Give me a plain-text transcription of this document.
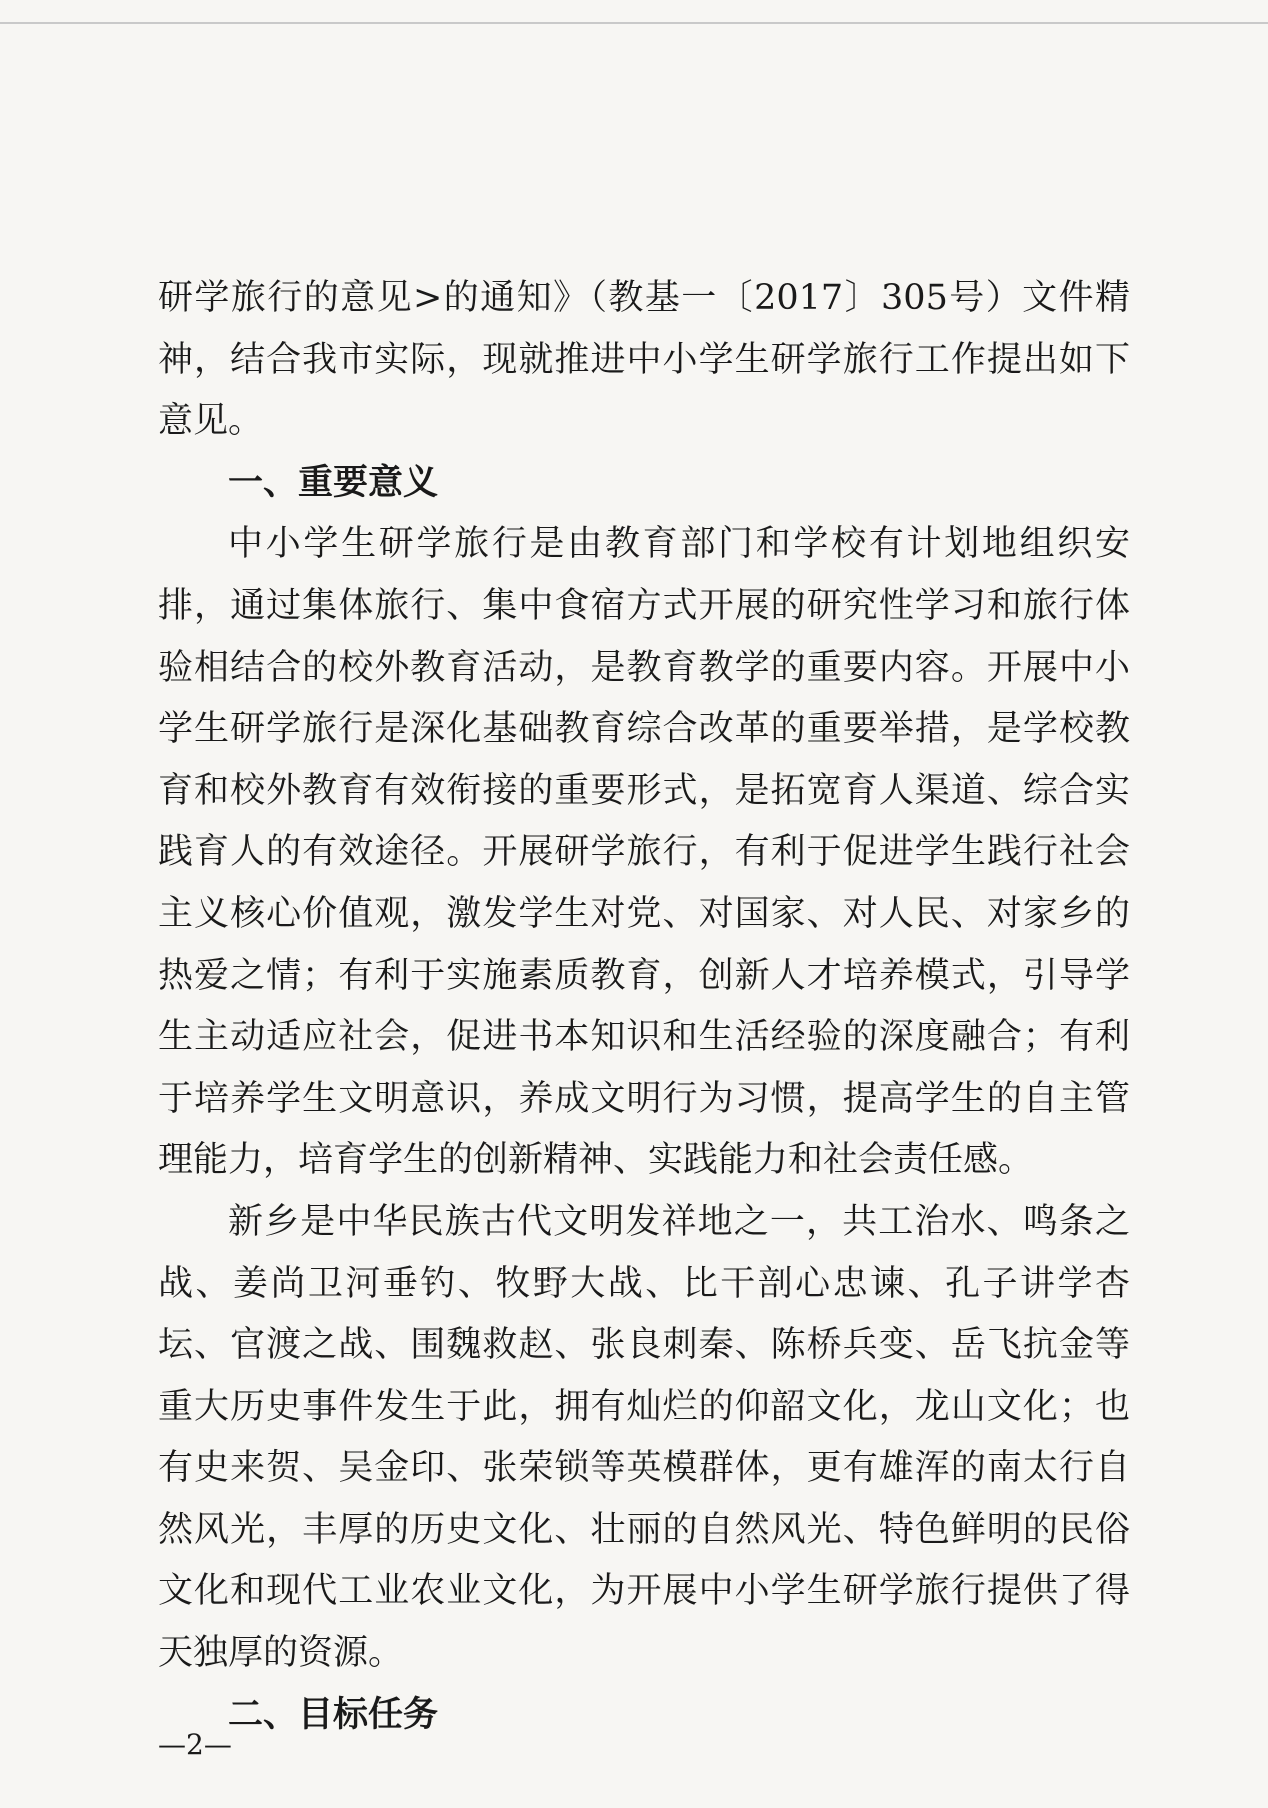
研学旅行的意见>的通知》（教基一〔2017〕305号）文件精神，结合我市实际，现就推进中小学生研学旅行工作提出如下意见。

一、重要意义

中小学生研学旅行是由教育部门和学校有计划地组织安排，通过集体旅行、集中食宿方式开展的研究性学习和旅行体验相结合的校外教育活动，是教育教学的重要内容。开展中小学生研学旅行是深化基础教育综合改革的重要举措，是学校教育和校外教育有效衔接的重要形式，是拓宽育人渠道、综合实践育人的有效途径。开展研学旅行，有利于促进学生践行社会主义核心价值观，激发学生对党、对国家、对人民、对家乡的热爱之情；有利于实施素质教育，创新人才培养模式，引导学生主动适应社会，促进书本知识和生活经验的深度融合；有利于培养学生文明意识，养成文明行为习惯，提高学生的自主管理能力，培育学生的创新精神、实践能力和社会责任感。

新乡是中华民族古代文明发祥地之一，共工治水、鸣条之战、姜尚卫河垂钓、牧野大战、比干剖心忠谏、孔子讲学杏坛、官渡之战、围魏救赵、张良刺秦、陈桥兵变、岳飞抗金等重大历史事件发生于此，拥有灿烂的仰韶文化，龙山文化；也有史来贺、吴金印、张荣锁等英模群体，更有雄浑的南太行自然风光，丰厚的历史文化、壮丽的自然风光、特色鲜明的民俗文化和现代工业农业文化，为开展中小学生研学旅行提供了得天独厚的资源。

二、目标任务
—2—
